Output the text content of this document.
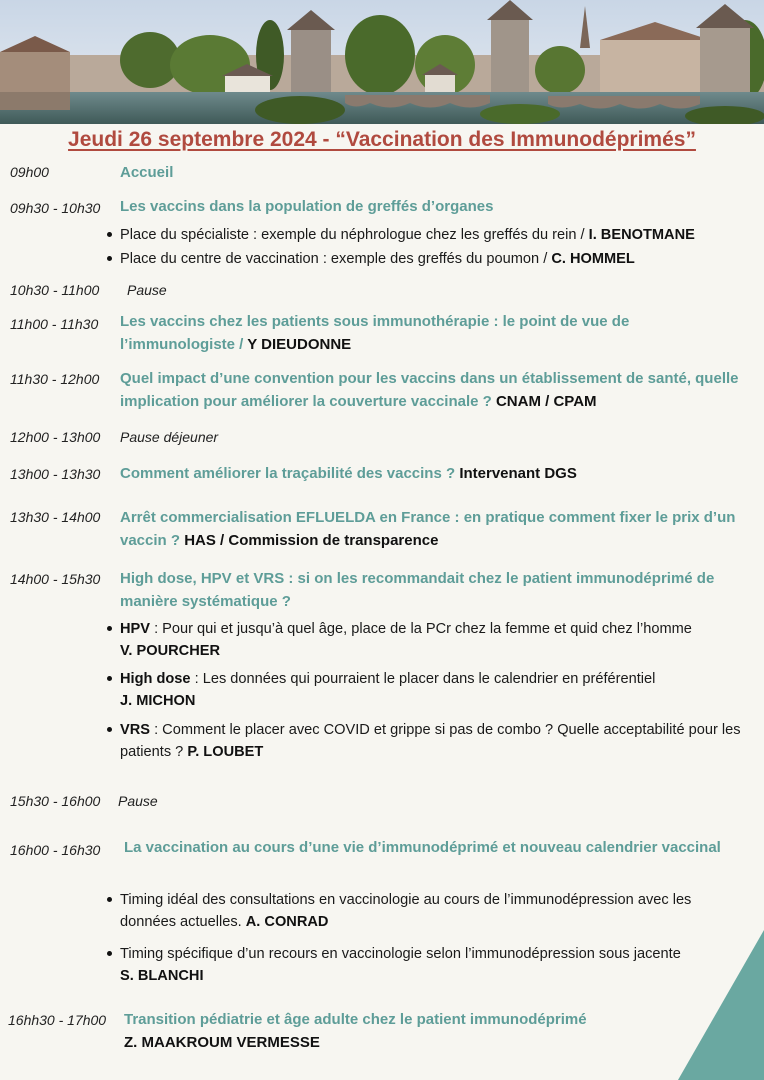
Jeudi 26 septembre 2024 - “Vaccination des Immunodéprimés”
09h00	Accueil
09h30 - 10h30 Les vaccins dans la population de greffés d’organes
Place du spécialiste : exemple du néphrologue chez les greffés du rein / I. BENOTMANE
Place du centre de vaccination : exemple des greffés du poumon / C. HOMMEL
10h30 - 11h00 Pause
11h00 - 11h30 Les vaccins chez les patients sous immunothérapie : le point de vue de l’immunologiste / Y DIEUDONNE
11h30 - 12h00 Quel impact d’une convention pour les vaccins dans un établissement de santé, quelle implication pour améliorer la couverture vaccinale ? CNAM / CPAM
12h00 - 13h00 Pause déjeuner
13h00 - 13h30 Comment améliorer la traçabilité des vaccins ? Intervenant DGS
13h30 - 14h00 Arrêt commercialisation EFLUELDA en France : en pratique comment fixer le prix d’un vaccin ? HAS / Commission de transparence
14h00 - 15h30 High dose, HPV et VRS : si on les recommandait chez le patient immunodéprimé de manière systématique ?
HPV : Pour qui et jusqu’à quel âge, place de la PCr chez la femme et quid chez l’homme
V. POURCHER
High dose : Les données qui pourraient le placer dans le calendrier en préférentiel
J. MICHON
VRS : Comment le placer avec COVID et grippe si pas de combo ? Quelle acceptabilité pour les patients ? P. LOUBET
15h30 - 16h00 Pause
16h00 - 16h30 La vaccination au cours d’une vie d’immunodéprimé et nouveau calendrier vaccinal
Timing idéal des consultations en vaccinologie au cours de l’immunodépression avec les données actuelles. A. CONRAD
Timing spécifique d’un recours en vaccinologie selon l’immunodépression sous jacente
S. BLANCHI
16hh30 - 17h00 Transition pédiatrie et âge adulte chez le patient immunodéprimé
Z. MAAKROUM VERMESSE
